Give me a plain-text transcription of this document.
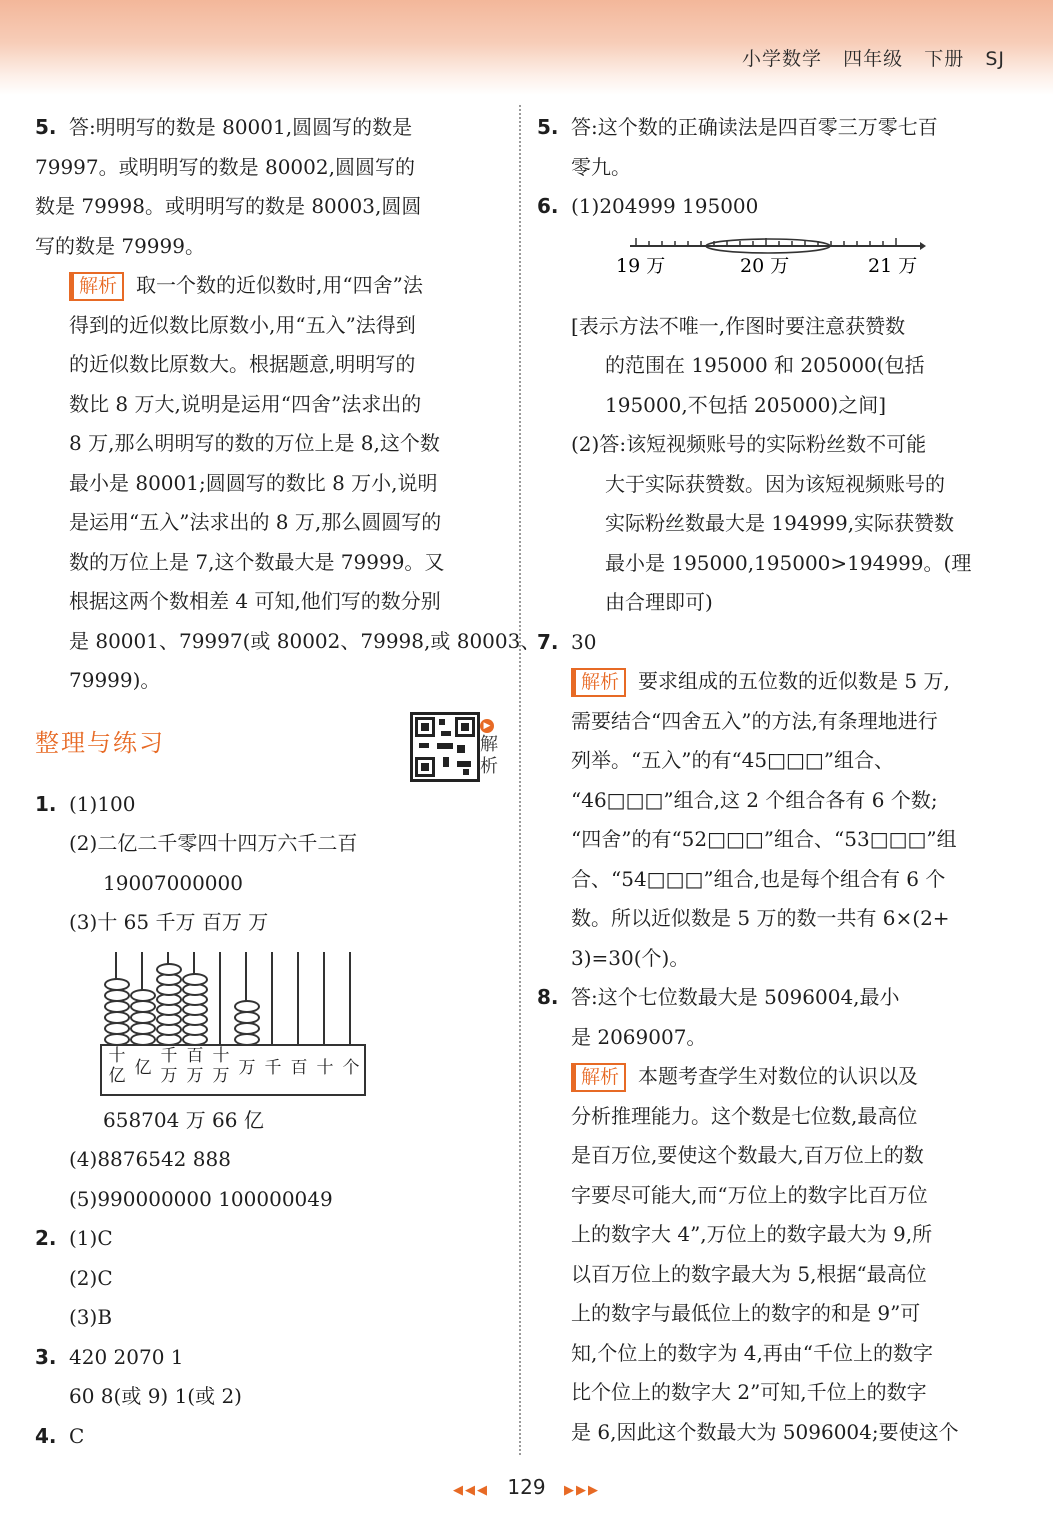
小学数学   四年级   下册   SJ
5. 答:明明写的数是 80001,圆圆写的数是
79997。或明明写的数是 80002,圆圆写的
数是 79998。或明明写的数是 80003,圆圆
写的数是 79999。
解析 取一个数的近似数时,用“四舍”法
得到的近似数比原数小,用“五入”法得到
的近似数比原数大。根据题意,明明写的
数比 8 万大,说明是运用“四舍”法求出的
8 万,那么明明写的数的万位上是 8,这个数
最小是 80001;圆圆写的数比 8 万小,说明
是运用“五入”法求出的 8 万,那么圆圆写的
数的万位上是 7,这个数最大是 79999。又
根据这两个数相差 4 可知,他们写的数分别
是 80001、79997(或 80002、79998,或 80003、
79999)。
整理与练习
1. (1)100
(2)二亿二千零四十四万六千二百
19007000000
(3)十 65 千万 百万 万
658704 万 66 亿
(4)8876542 888
(5)990000000 100000049
2. (1)C
(2)C
(3)B
3. 420 2070 1
60 8(或 9) 1(或 2)
4. C
▶ 解析
十亿 亿
千万
百万
十万 万 千 百 十 个
5. 答:这个数的正确读法是四百零三万零七百
零九。
6. (1)204999 195000
[表示方法不唯一,作图时要注意获赞数
的范围在 195000 和 205000(包括
195000,不包括 205000)之间]
(2)答:该短视频账号的实际粉丝数不可能
大于实际获赞数。因为该短视频账号的
实际粉丝数最大是 194999,实际获赞数
最小是 195000,195000>194999。(理
由合理即可)
7. 30
解析 要求组成的五位数的近似数是 5 万,
需要结合“四舍五入”的方法,有条理地进行
列举。“五入”的有“45□□□”组合、
“46□□□”组合,这 2 个组合各有 6 个数;
“四舍”的有“52□□□”组合、“53□□□”组
合、“54□□□”组合,也是每个组合有 6 个
数。所以近似数是 5 万的数一共有 6×(2+
3)=30(个)。
8. 答:这个七位数最大是 5096004,最小
是 2069007。
解析 本题考查学生对数位的认识以及
分析推理能力。这个数是七位数,最高位
是百万位,要使这个数最大,百万位上的数
字要尽可能大,而“万位上的数字比百万位
上的数字大 4”,万位上的数字最大为 9,所
以百万位上的数字最大为 5,根据“最高位
上的数字与最低位上的数字的和是 9”可
知,个位上的数字为 4,再由“千位上的数字
比个位上的数字大 2”可知,千位上的数字
是 6,因此这个数最大为 5096004;要使这个
19 万	20 万	21 万
◀◀◀ 129 ▶▶▶
